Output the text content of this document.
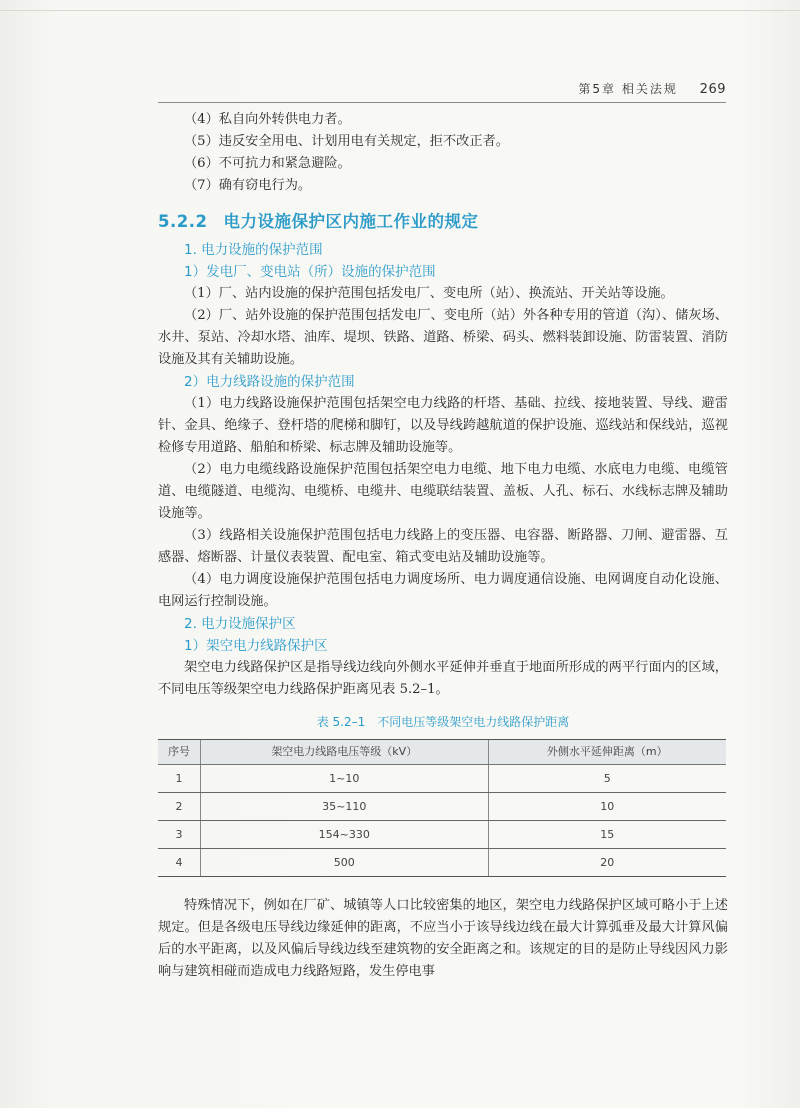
第5章 相关法规 269

（4）私自向外转供电力者。

（5）违反安全用电、计划用电有关规定，拒不改正者。

（6）不可抗力和紧急避险。

（7）确有窃电行为。

5.2.2 电力设施保护区内施工作业的规定

1. 电力设施的保护范围

1）发电厂、变电站（所）设施的保护范围

（1）厂、站内设施的保护范围包括发电厂、变电所（站）、换流站、开关站等设施。

（2）厂、站外设施的保护范围包括发电厂、变电所（站）外各种专用的管道（沟）、储灰场、水井、泵站、冷却水塔、油库、堤坝、铁路、道路、桥梁、码头、燃料装卸设施、防雷装置、消防设施及其有关辅助设施。

2）电力线路设施的保护范围

（1）电力线路设施保护范围包括架空电力线路的杆塔、基础、拉线、接地装置、导线、避雷针、金具、绝缘子、登杆塔的爬梯和脚钉，以及导线跨越航道的保护设施、巡线站和保线站，巡视检修专用道路、船舶和桥梁、标志牌及辅助设施等。

（2）电力电缆线路设施保护范围包括架空电力电缆、地下电力电缆、水底电力电缆、电缆管道、电缆隧道、电缆沟、电缆桥、电缆井、电缆联结装置、盖板、人孔、标石、水线标志牌及辅助设施等。

（3）线路相关设施保护范围包括电力线路上的变压器、电容器、断路器、刀闸、避雷器、互感器、熔断器、计量仪表装置、配电室、箱式变电站及辅助设施等。

（4）电力调度设施保护范围包括电力调度场所、电力调度通信设施、电网调度自动化设施、电网运行控制设施。

2. 电力设施保护区

1）架空电力线路保护区

架空电力线路保护区是指导线边线向外侧水平延伸并垂直于地面所形成的两平行面内的区域，不同电压等级架空电力线路保护距离见表 5.2–1。

表 5.2–1　不同电压等级架空电力线路保护距离
序号	架空电力线路电压等级（kV）	外侧水平延伸距离（m）
1	1~10	5
2	35~110	10
3	154~330	15
4	500	20

特殊情况下，例如在厂矿、城镇等人口比较密集的地区，架空电力线路保护区域可略小于上述规定。但是各级电压导线边缘延伸的距离，不应当小于该导线边线在最大计算弧垂及最大计算风偏后的水平距离，以及风偏后导线边线至建筑物的安全距离之和。该规定的目的是防止导线因风力影响与建筑相碰而造成电力线路短路，发生停电事
